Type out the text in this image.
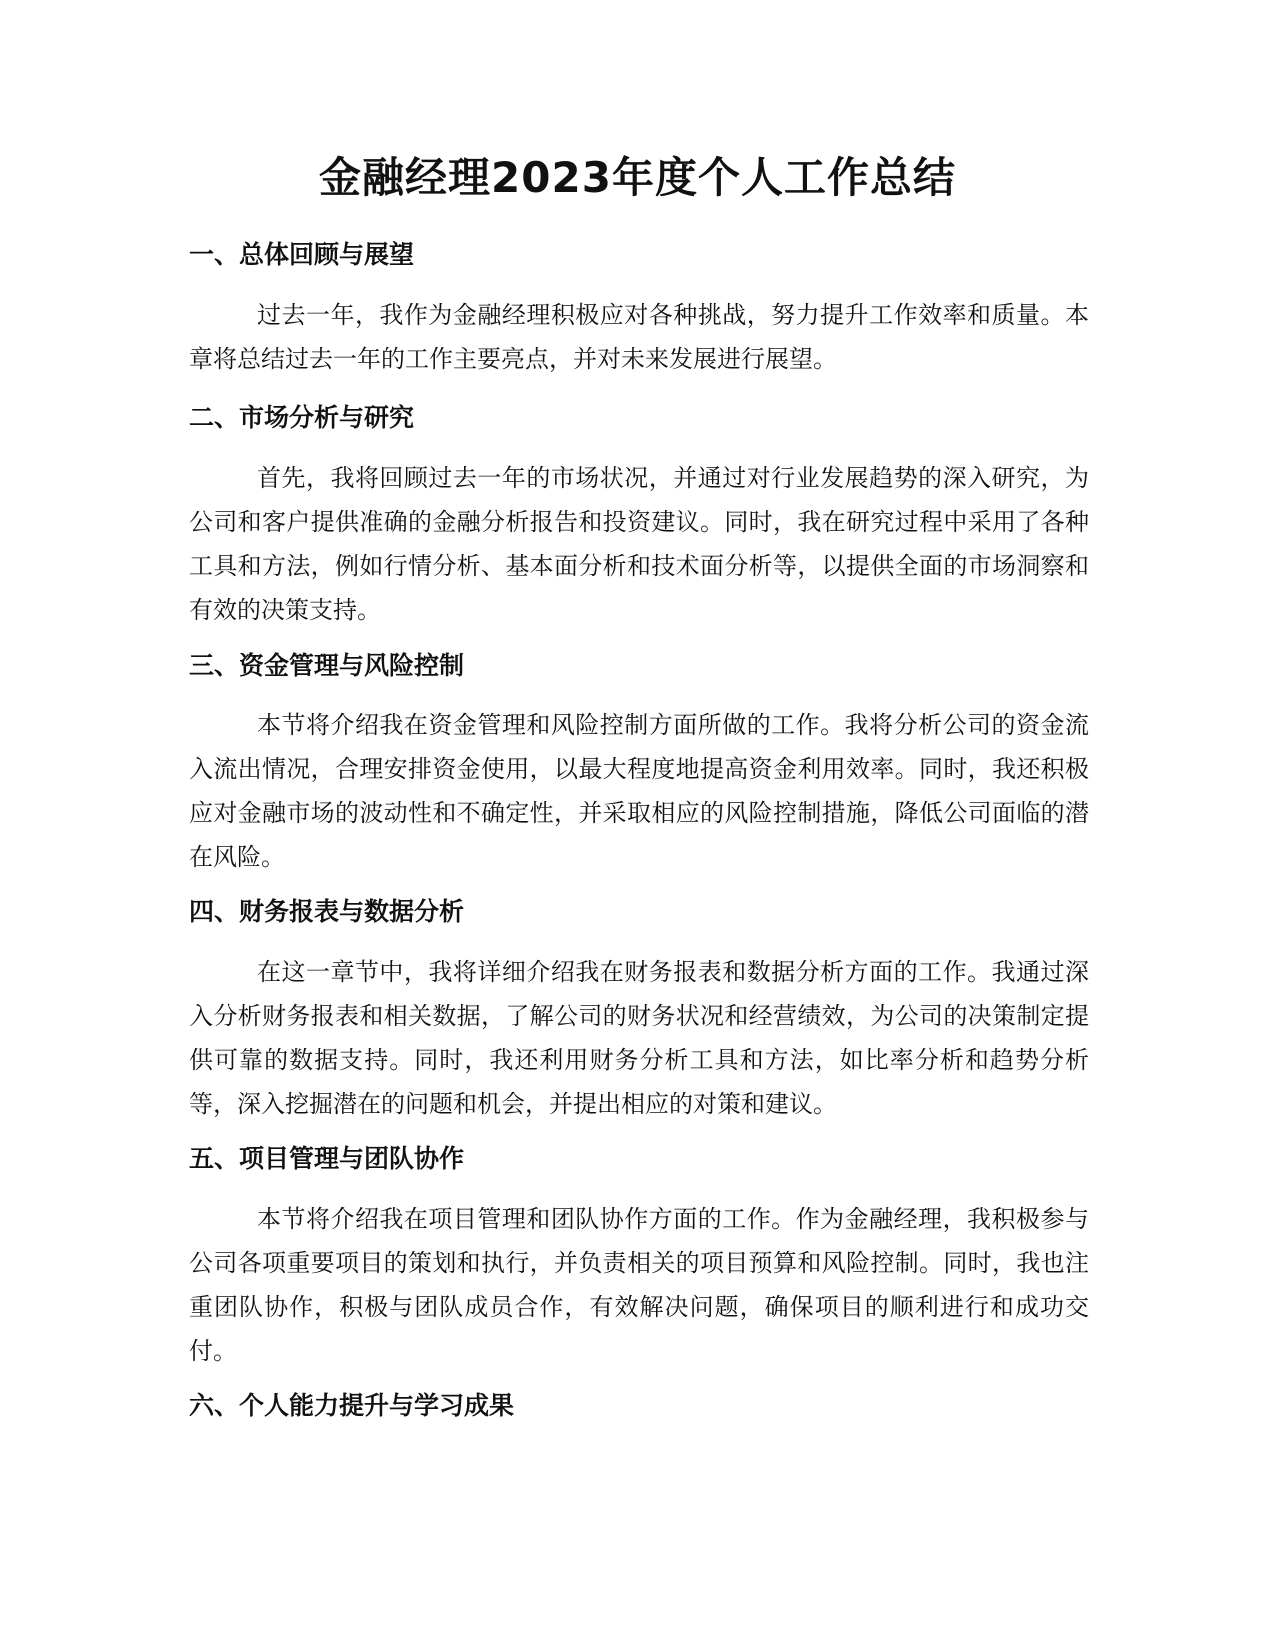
金融经理2023年度个人工作总结
一、总体回顾与展望

过去一年，我作为金融经理积极应对各种挑战，努力提升工作效率和质量。本章将总结过去一年的工作主要亮点，并对未来发展进行展望。

二、市场分析与研究

首先，我将回顾过去一年的市场状况，并通过对行业发展趋势的深入研究，为公司和客户提供准确的金融分析报告和投资建议。同时，我在研究过程中采用了各种工具和方法，例如行情分析、基本面分析和技术面分析等，以提供全面的市场洞察和有效的决策支持。

三、资金管理与风险控制

本节将介绍我在资金管理和风险控制方面所做的工作。我将分析公司的资金流入流出情况，合理安排资金使用，以最大程度地提高资金利用效率。同时，我还积极应对金融市场的波动性和不确定性，并采取相应的风险控制措施，降低公司面临的潜在风险。

四、财务报表与数据分析

在这一章节中，我将详细介绍我在财务报表和数据分析方面的工作。我通过深入分析财务报表和相关数据，了解公司的财务状况和经营绩效，为公司的决策制定提供可靠的数据支持。同时，我还利用财务分析工具和方法，如比率分析和趋势分析等，深入挖掘潜在的问题和机会，并提出相应的对策和建议。

五、项目管理与团队协作

本节将介绍我在项目管理和团队协作方面的工作。作为金融经理，我积极参与公司各项重要项目的策划和执行，并负责相关的项目预算和风险控制。同时，我也注重团队协作，积极与团队成员合作，有效解决问题，确保项目的顺利进行和成功交付。

六、个人能力提升与学习成果
